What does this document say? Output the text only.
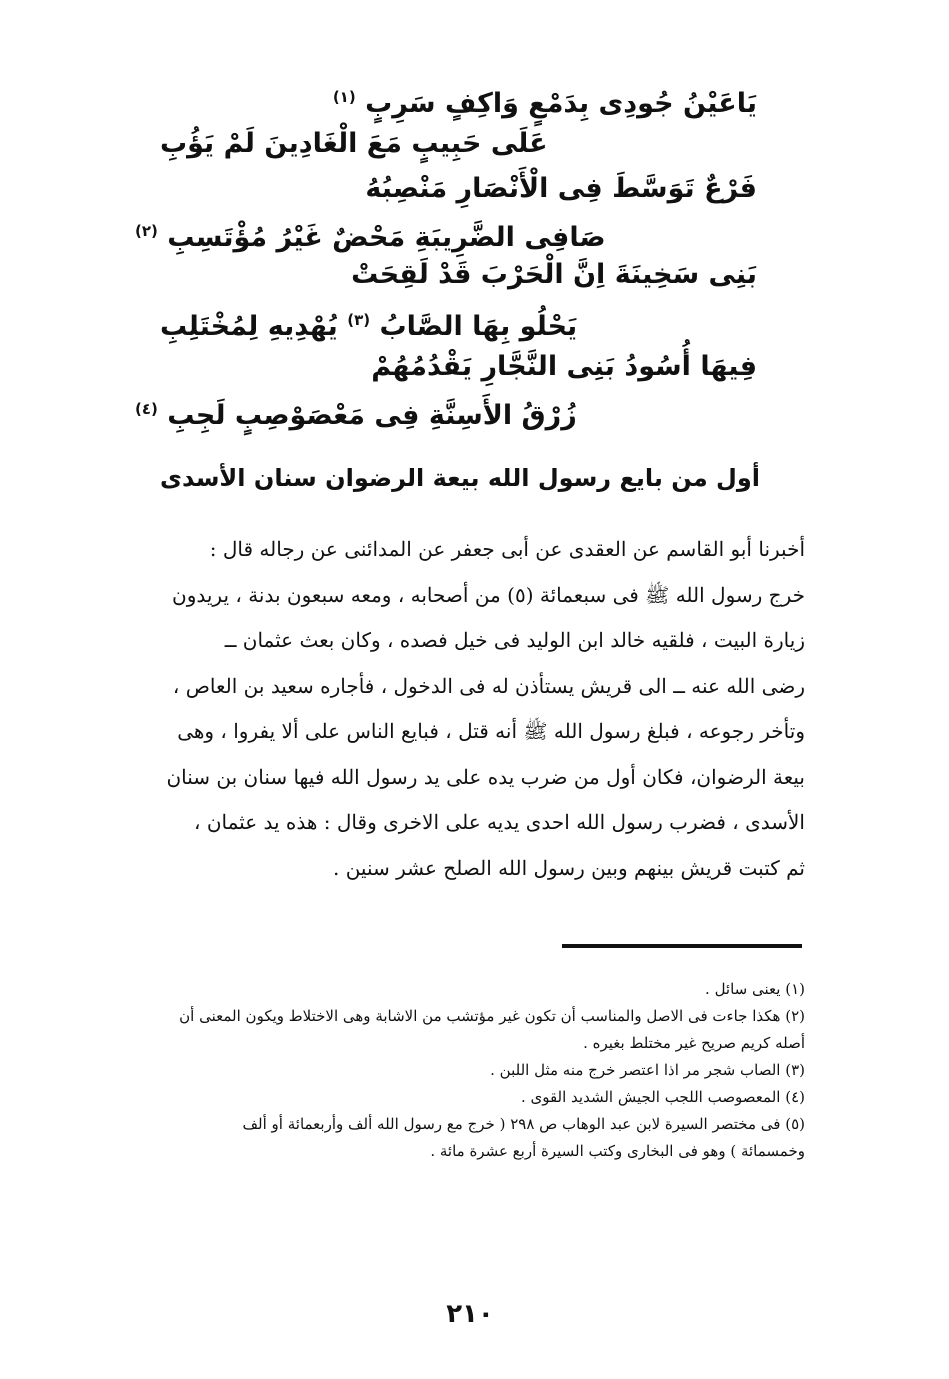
يَاعَيْنُ جُودِى بِدَمْعٍ وَاكِفٍ سَرِبٍ $^{(١)}$
عَلَى حَبِيبٍ مَعَ الْغَادِينَ لَمْ يَؤُبِ
فَرْعٌ تَوَسَّطَ فِى الْأَنْصَارِ مَنْصِبُهُ
صَافِى الضَّرِيبَةِ مَحْضٌ غَيْرُ مُؤْتَسِبِ $^{(٢)}$
بَنِى سَخِينَةَ اِنَّ الْحَرْبَ قَدْ لَقِحَتْ
يَحْلُو بِهَا الصَّابُ $^{(٣)}$ يُهْدِيهِ لِمُخْتَلِبِ
فِيهَا أُسُودُ بَنِى النَّجَّارِ يَقْدُمُهُمْ
زُرْقُ الأَسِنَّةِ فِى مَعْصَوْصِبٍ لَجِبِ $^{(٤)}$
أول من بايع رسول الله بيعة الرضوان سنان الأسدى
أخبرنا أبو القاسم عن العقدى عن أبى جعفر عن المدائنى عن رجاله قال :
خرج رسول الله ﷺ فى سبعمائة (٥) من أصحابه ، ومعه سبعون بدنة ، يريدون
زيارة البيت ، فلقيه خالد ابن الوليد فى خيل فصده ، وكان بعث عثمان ــ
رضى الله عنه ــ الى قريش يستأذن له فى الدخول ، فأجاره سعيد بن العاص ،
وتأخر رجوعه ، فبلغ رسول الله ﷺ أنه قتل ، فبايع الناس على ألا يفروا ، وهى
بيعة الرضوان، فكان أول من ضرب يده على يد رسول الله فيها سنان بن سنان
الأسدى ، فضرب رسول الله احدى يديه على الاخرى وقال : هذه يد عثمان ،
ثم كتبت قريش بينهم وبين رسول الله الصلح عشر سنين .
(١) يعنى سائل .
(٢) هكذا جاءت فى الاصل والمناسب أن تكون غير مؤتشب من الاشابة وهى الاختلاط ويكون المعنى أن
أصله كريم صريح غير مختلط بغيره .
(٣) الصاب شجر مر اذا اعتصر خرج منه مثل اللبن .
(٤) المعصوصب اللجب الجيش الشديد القوى .
(٥) فى مختصر السيرة لابن عبد الوهاب ص ٢٩٨ ( خرج مع رسول الله ألف وأربعمائة أو ألف
وخمسمائة ) وهو فى البخارى وكتب السيرة أربع عشرة مائة .
٢١٠
